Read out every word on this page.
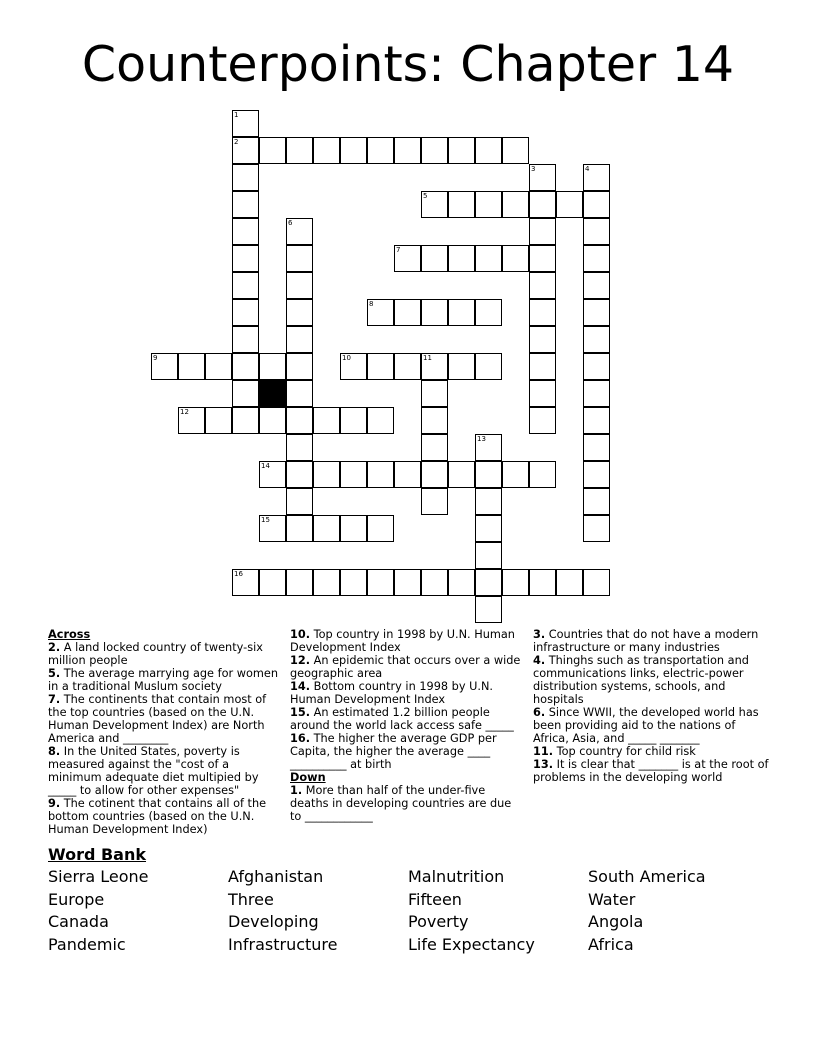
Counterpoints: Chapter 14
2
5
7
8
9	10	11
12
14
15
16
1
3	4
6
13
Across
2. A land locked country of twenty-six million people
5. The average marrying age for women in a traditional Muslum society
7. The continents that contain most of the top countries (based on the U.N. Human Development Index) are North America and ________
8. In the United States, poverty is measured against the "cost of a minimum adequate diet multipied by _____ to allow for other expenses"
9. The cotinent that contains all of the bottom countries (based on the U.N. Human Development Index)
10. Top country in 1998 by U.N. Human Development Index
12. An epidemic that occurs over a wide geographic area
14. Bottom country in 1998 by U.N. Human Development Index
15. An estimated 1.2 billion people around the world lack access safe _____
16. The higher the average GDP per Capita, the higher the average ____ __________ at birth
Down
1. More than half of the under-five deaths in developing countries are due to ____________
3. Countries that do not have a modern infrastructure or many industries
4. Thinghs such as transportation and communications links, electric-power distribution systems, schools, and hospitals
6. Since WWII, the developed world has been providing aid to the nations of Africa, Asia, and _____ _______
11. Top country for child risk
13. It is clear that _______ is at the root of problems in the developing world
Word Bank
Sierra Leone	Afghanistan	Malnutrition	South America
Europe	Three	Fifteen	Water
Canada	Developing	Poverty	Angola
Pandemic	Infrastructure	Life Expectancy	Africa
